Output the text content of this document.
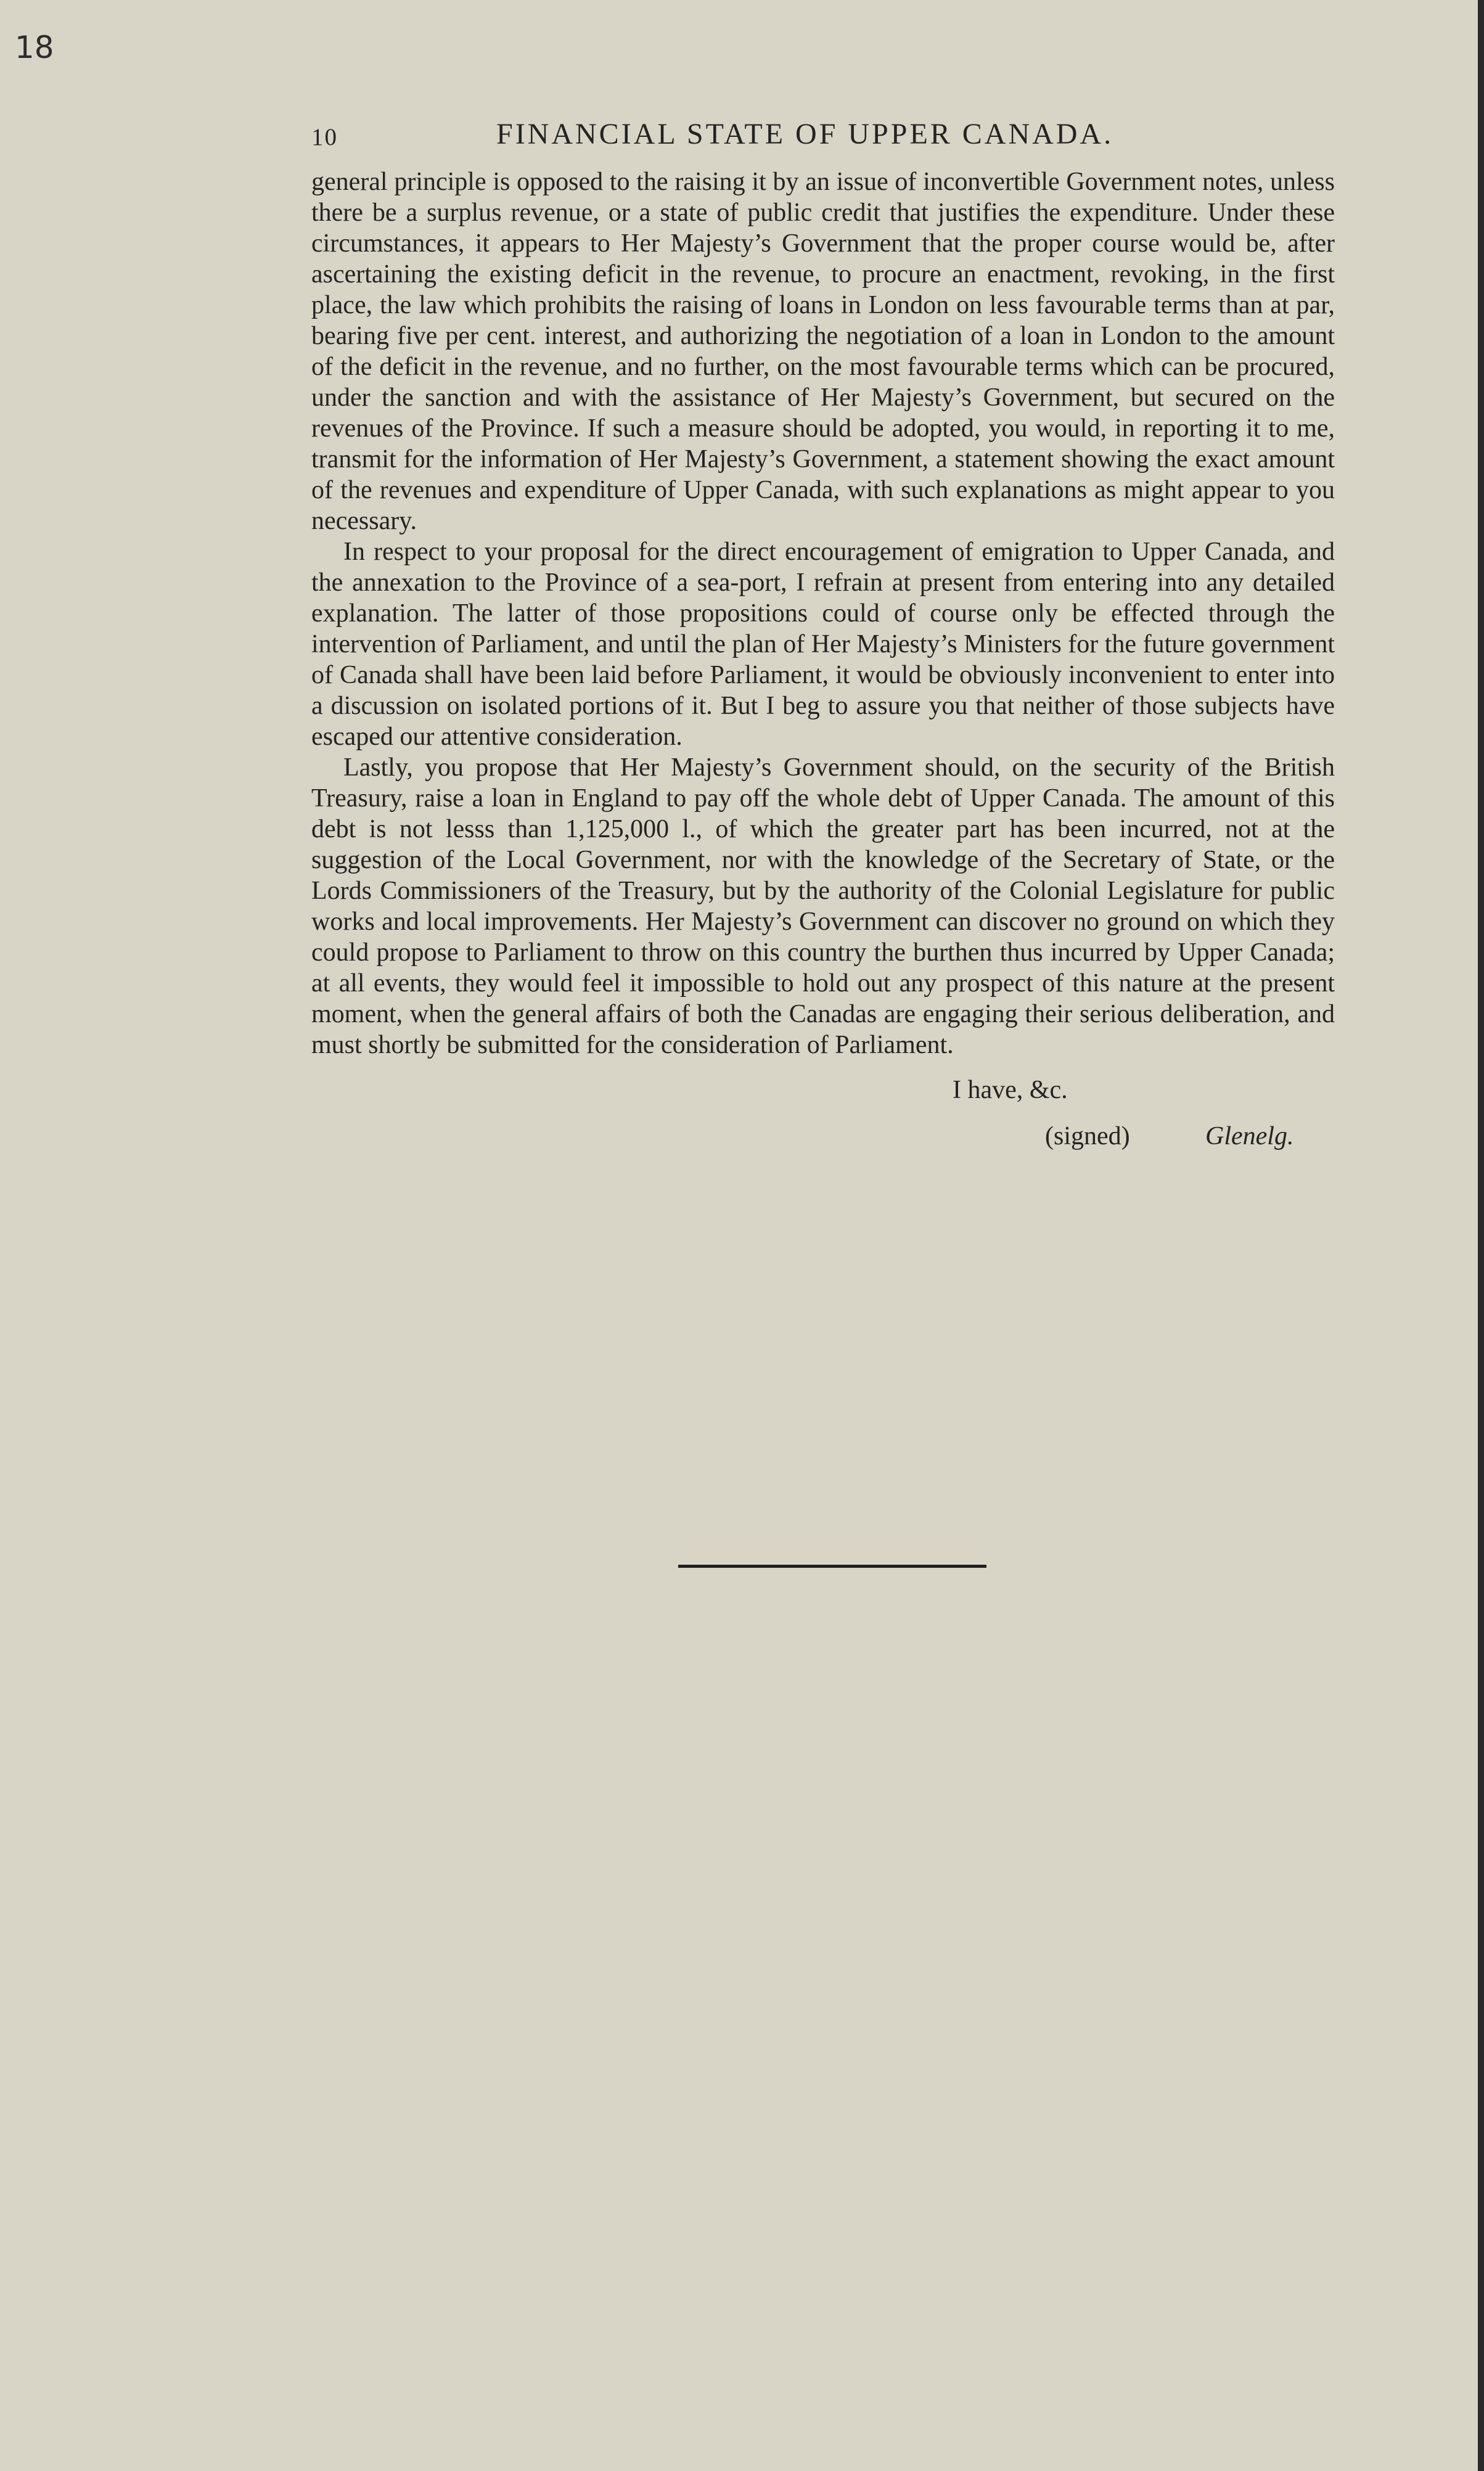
18
10	FINANCIAL STATE OF UPPER CANADA.

general principle is opposed to the raising it by an issue of inconvertible Government notes, unless there be a surplus revenue, or a state of public credit that justifies the expenditure. Under these circumstances, it appears to Her Majesty’s Government that the proper course would be, after ascertaining the existing deficit in the revenue, to procure an enactment, revoking, in the first place, the law which prohibits the raising of loans in London on less favourable terms than at par, bearing five per cent. interest, and authorizing the negotiation of a loan in London to the amount of the deficit in the revenue, and no further, on the most favourable terms which can be procured, under the sanction and with the assistance of Her Majesty’s Government, but secured on the revenues of the Province. If such a measure should be adopted, you would, in reporting it to me, transmit for the information of Her Majesty’s Government, a statement showing the exact amount of the revenues and expenditure of Upper Canada, with such explanations as might appear to you necessary.

In respect to your proposal for the direct encouragement of emigration to Upper Canada, and the annexation to the Province of a sea-port, I refrain at present from entering into any detailed explanation. The latter of those propositions could of course only be effected through the intervention of Parliament, and until the plan of Her Majesty’s Ministers for the future government of Canada shall have been laid before Parliament, it would be obviously inconvenient to enter into a discussion on isolated portions of it. But I beg to assure you that neither of those subjects have escaped our attentive consideration.

Lastly, you propose that Her Majesty’s Government should, on the security of the British Treasury, raise a loan in England to pay off the whole debt of Upper Canada. The amount of this debt is not lesss than 1,125,000 l., of which the greater part has been incurred, not at the suggestion of the Local Government, nor with the knowledge of the Secretary of State, or the Lords Commissioners of the Treasury, but by the authority of the Colonial Legislature for public works and local improvements. Her Majesty’s Government can discover no ground on which they could propose to Parliament to throw on this country the burthen thus incurred by Upper Canada; at all events, they would feel it impossible to hold out any prospect of this nature at the present moment, when the general affairs of both the Canadas are engaging their serious deliberation, and must shortly be submitted for the consideration of Parliament.

I have, &c.
(signed)	Glenelg.
